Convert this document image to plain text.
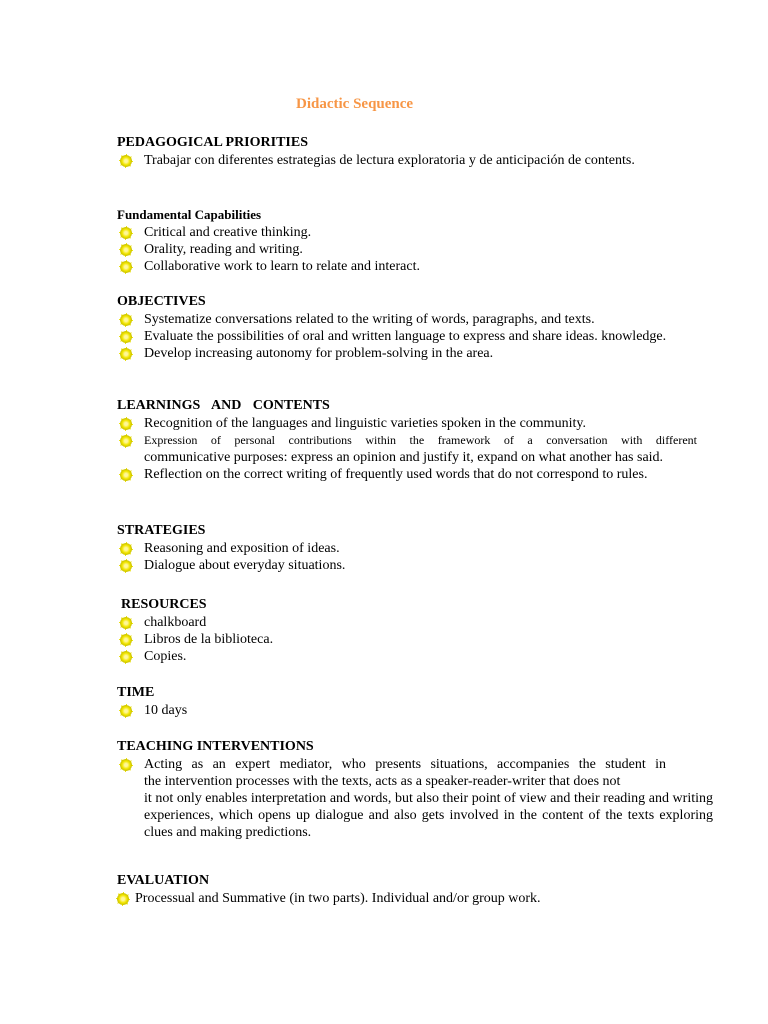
Didactic Sequence
PEDAGOGICAL PRIORITIES
Trabajar con diferentes estrategias de lectura exploratoria y de anticipación de contents.
Fundamental Capabilities
Critical and creative thinking.
Orality, reading and writing.
Collaborative work to learn to relate and interact.
OBJECTIVES
Systematize conversations related to the writing of words, paragraphs, and texts.
Evaluate the possibilities of oral and written language to express and share ideas. knowledge.
Develop increasing autonomy for problem-solving in the area.
LEARNINGS AND CONTENTS
Recognition of the languages and linguistic varieties spoken in the community.
Expression of personal contributions within the framework of a conversation with different
communicative purposes: express an opinion and justify it, expand on what another has said.
Reflection on the correct writing of frequently used words that do not correspond to rules.
STRATEGIES
Reasoning and exposition of ideas.
Dialogue about everyday situations.
RESOURCES
chalkboard
Libros de la biblioteca.
Copies.
TIME
10 days
TEACHING INTERVENTIONS
Acting as an expert mediator, who presents situations, accompanies the student in
the intervention processes with the texts, acts as a speaker-reader-writer that does not
it not only enables interpretation and words, but also their point of view and their reading and writing experiences, which opens up dialogue and also gets involved in the content of the texts exploring clues and making predictions.
EVALUATION
Processual and Summative (in two parts). Individual and/or group work.
